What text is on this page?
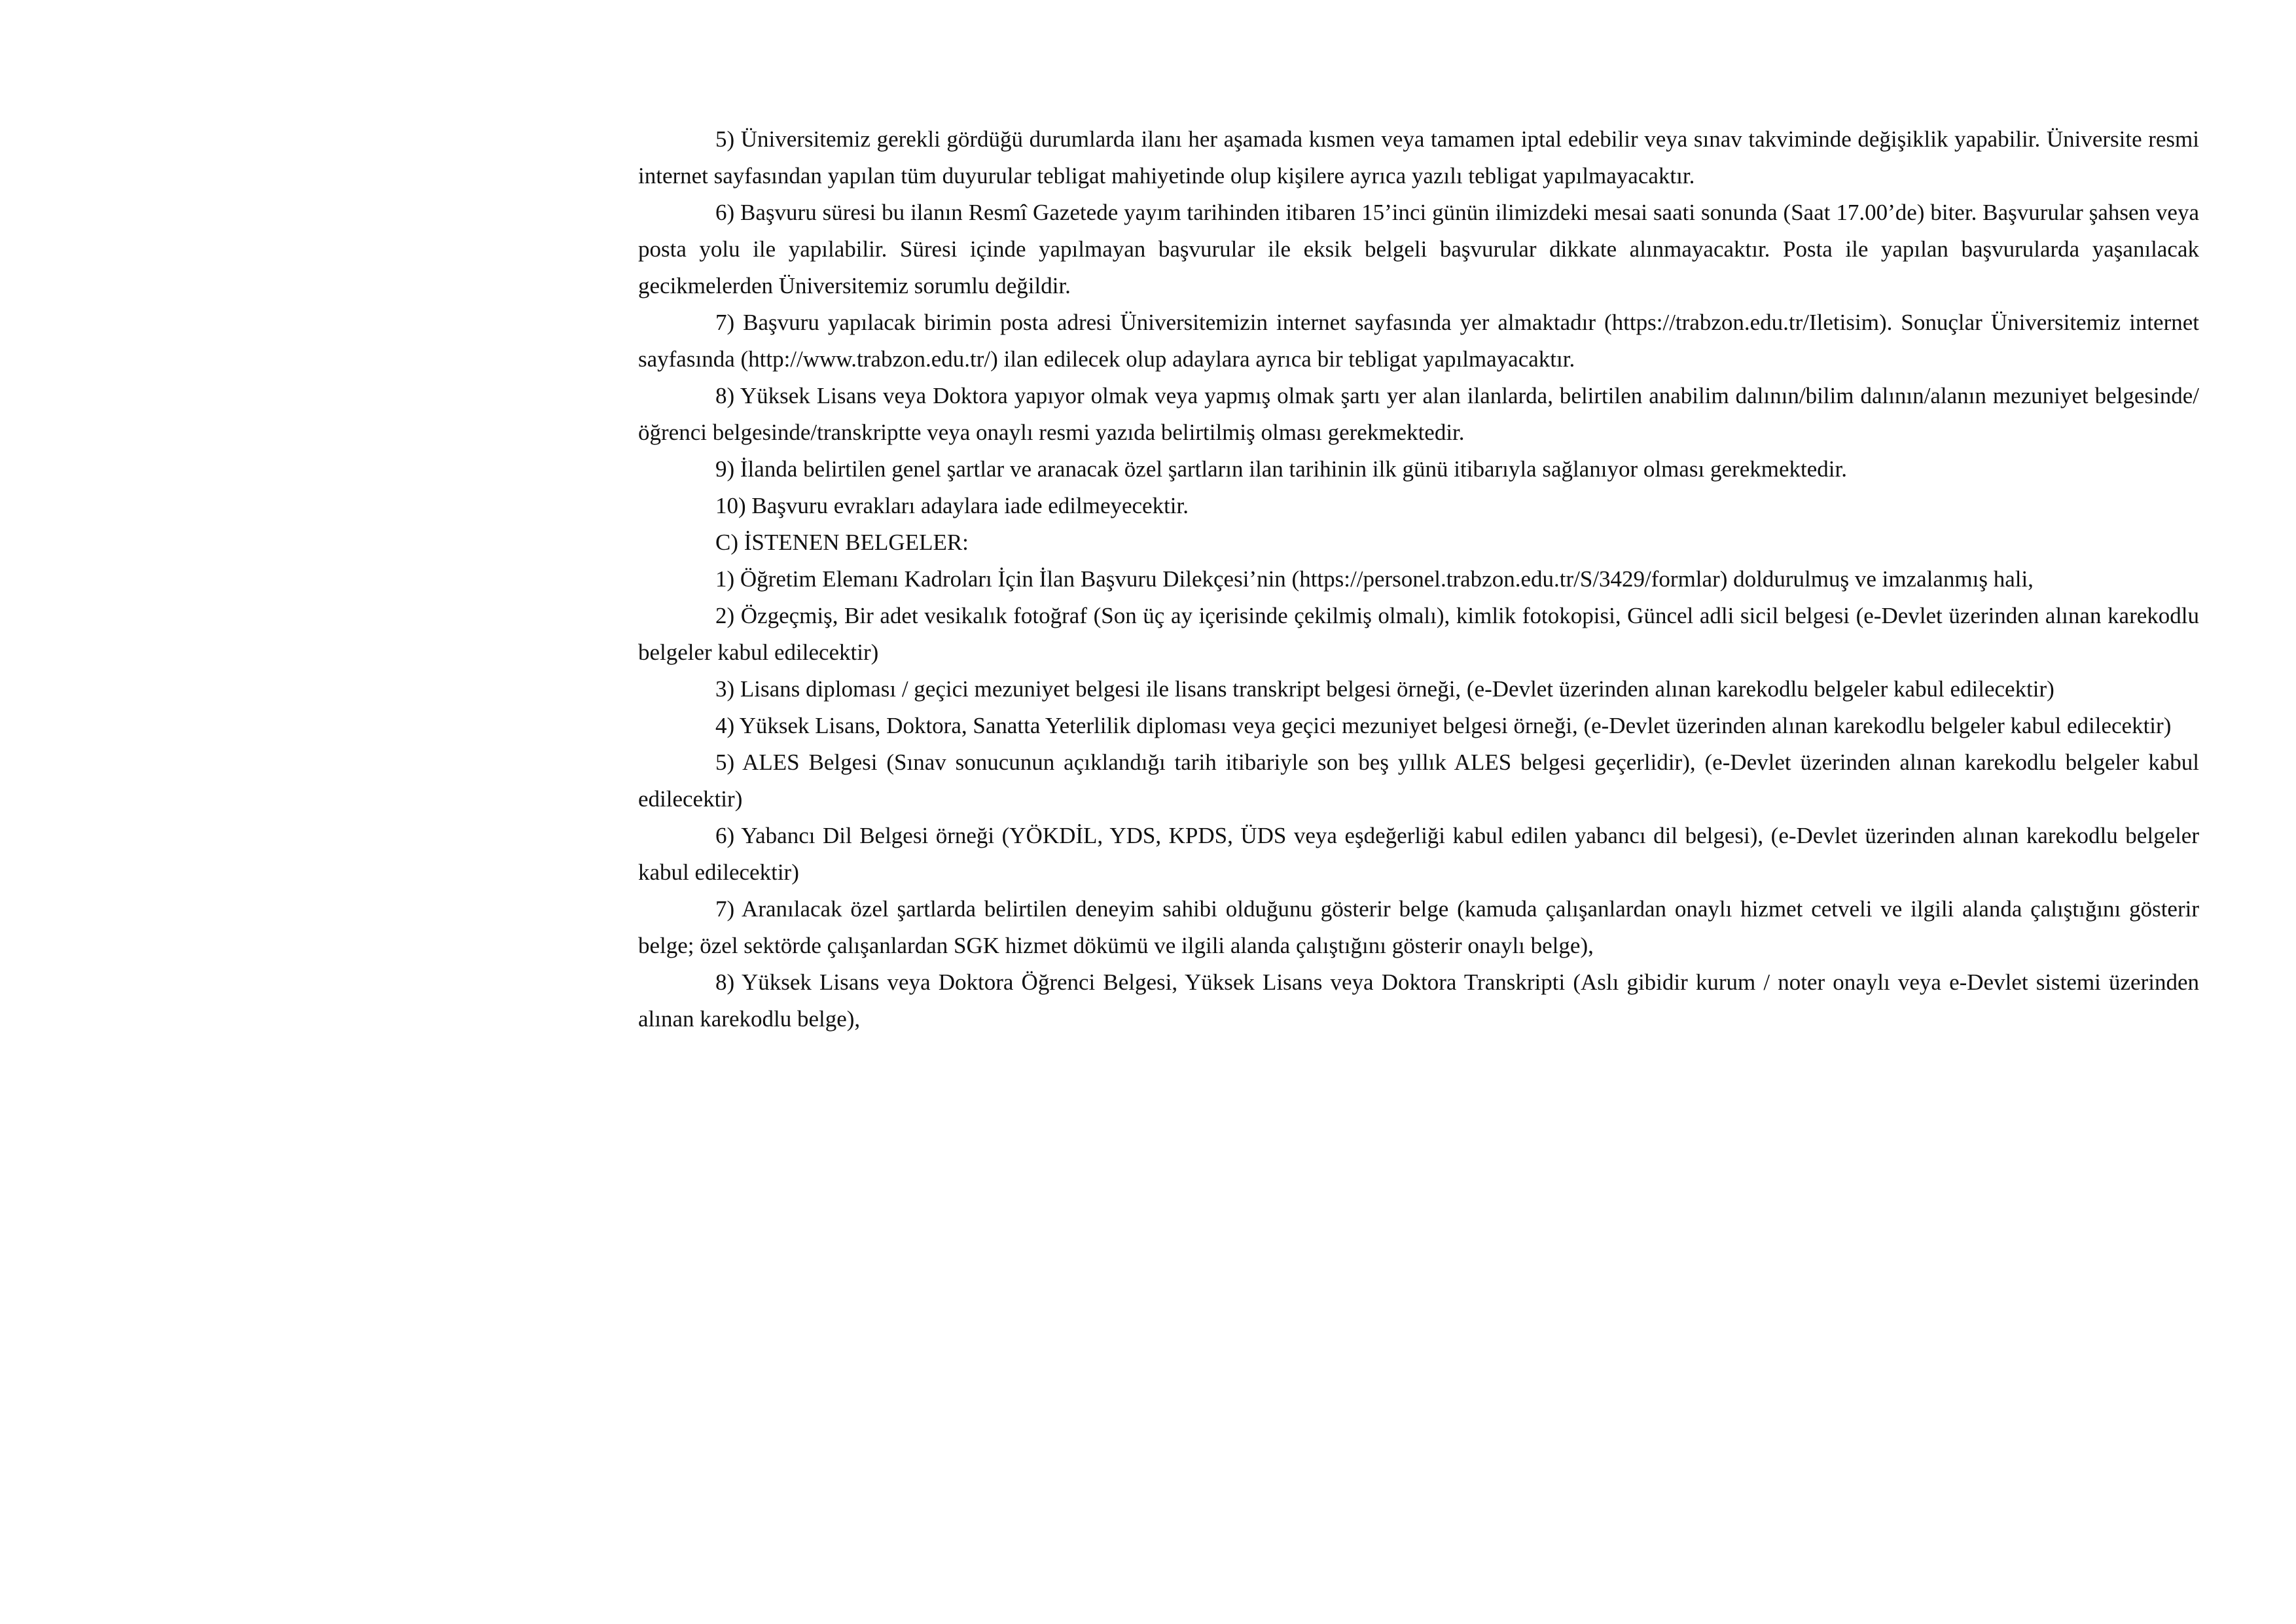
5) Üniversitemiz gerekli gördüğü durumlarda ilanı her aşamada kısmen veya tamamen iptal edebilir veya sınav takviminde değişiklik yapabilir. Üniversite resmi internet sayfasından yapılan tüm duyurular tebligat mahiyetinde olup kişilere ayrıca yazılı tebligat yapılmayacaktır.

6) Başvuru süresi bu ilanın Resmî Gazetede yayım tarihinden itibaren 15’inci günün ilimizdeki mesai saati sonunda (Saat 17.00’de) biter. Başvurular şahsen veya posta yolu ile yapılabilir. Süresi içinde yapılmayan başvurular ile eksik belgeli başvurular dikkate alınmayacaktır. Posta ile yapılan başvurularda yaşanılacak gecikmelerden Üniversitemiz sorumlu değildir.

7) Başvuru yapılacak birimin posta adresi Üniversitemizin internet sayfasında yer almaktadır (https://trabzon.edu.tr/Iletisim). Sonuçlar Üniversitemiz internet sayfasında (http://www.trabzon.edu.tr/) ilan edilecek olup adaylara ayrıca bir tebligat yapılmayacaktır.

8) Yüksek Lisans veya Doktora yapıyor olmak veya yapmış olmak şartı yer alan ilanlarda, belirtilen anabilim dalının/bilim dalının/alanın mezuniyet belgesinde/öğrenci belgesinde/transkriptte veya onaylı resmi yazıda belirtilmiş olması gerekmektedir.

9) İlanda belirtilen genel şartlar ve aranacak özel şartların ilan tarihinin ilk günü itibarıyla sağlanıyor olması gerekmektedir.

10) Başvuru evrakları adaylara iade edilmeyecektir.

C) İSTENEN BELGELER:

1) Öğretim Elemanı Kadroları İçin İlan Başvuru Dilekçesi’nin (https://personel.trabzon.edu.tr/S/3429/formlar) doldurulmuş ve imzalanmış hali,

2) Özgeçmiş, Bir adet vesikalık fotoğraf (Son üç ay içerisinde çekilmiş olmalı), kimlik fotokopisi, Güncel adli sicil belgesi (e-Devlet üzerinden alınan karekodlu belgeler kabul edilecektir)

3) Lisans diploması / geçici mezuniyet belgesi ile lisans transkript belgesi örneği, (e-Devlet üzerinden alınan karekodlu belgeler kabul edilecektir)

4) Yüksek Lisans, Doktora, Sanatta Yeterlilik diploması veya geçici mezuniyet belgesi örneği, (e-Devlet üzerinden alınan karekodlu belgeler kabul edilecektir)

5) ALES Belgesi (Sınav sonucunun açıklandığı tarih itibariyle son beş yıllık ALES belgesi geçerlidir), (e-Devlet üzerinden alınan karekodlu belgeler kabul edilecektir)

6) Yabancı Dil Belgesi örneği (YÖKDİL, YDS, KPDS, ÜDS veya eşdeğerliği kabul edilen yabancı dil belgesi), (e-Devlet üzerinden alınan karekodlu belgeler kabul edilecektir)

7) Aranılacak özel şartlarda belirtilen deneyim sahibi olduğunu gösterir belge (kamuda çalışanlardan onaylı hizmet cetveli ve ilgili alanda çalıştığını gösterir belge; özel sektörde çalışanlardan SGK hizmet dökümü ve ilgili alanda çalıştığını gösterir onaylı belge),

8) Yüksek Lisans veya Doktora Öğrenci Belgesi, Yüksek Lisans veya Doktora Transkripti (Aslı gibidir kurum / noter onaylı veya e-Devlet sistemi üzerinden alınan karekodlu belge),
